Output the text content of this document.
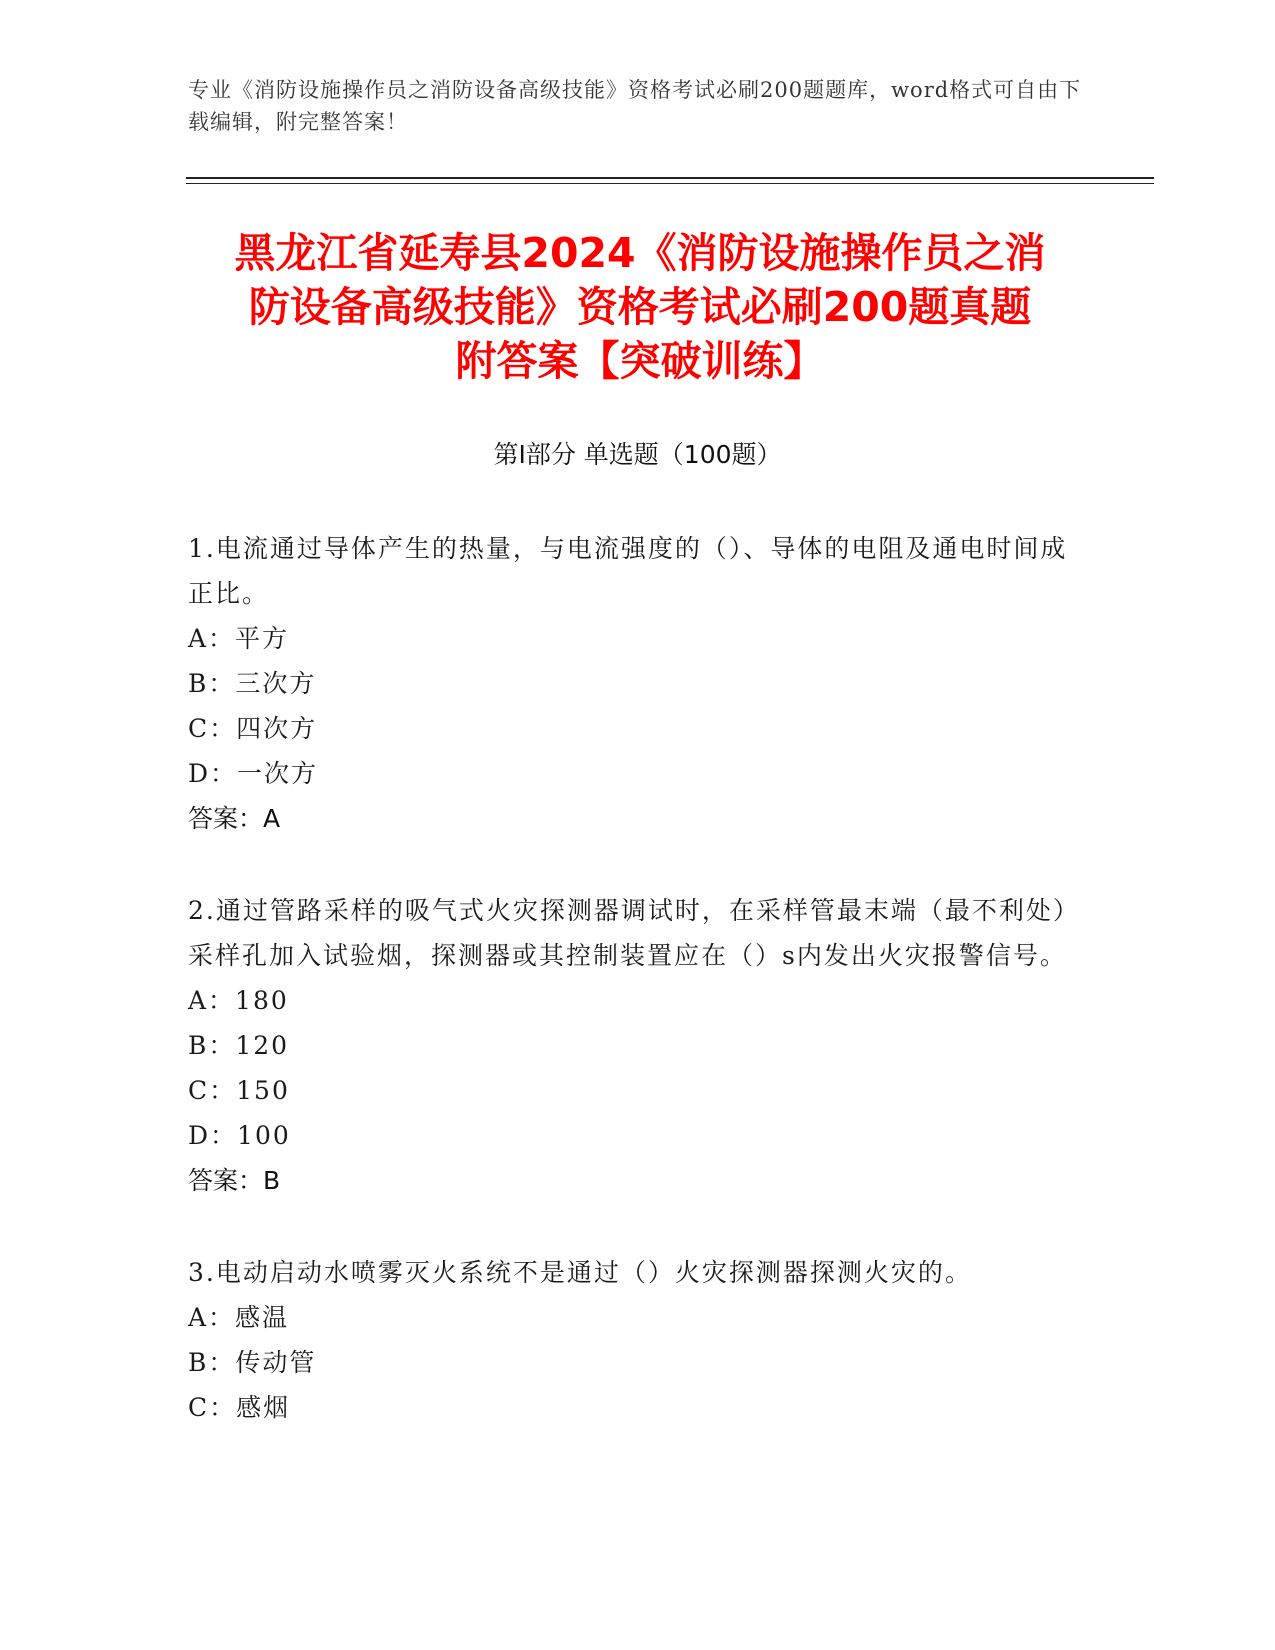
专业《消防设施操作员之消防设备高级技能》资格考试必刷200题题库，word格式可自由下载编辑，附完整答案！
黑龙江省延寿县2024《消防设施操作员之消
防设备高级技能》资格考试必刷200题真题
附答案【突破训练】
第Ⅰ部分 单选题（100题）
1.电流通过导体产生的热量，与电流强度的（）、导体的电阻及通电时间成正比。
A：平方
B：三次方
C：四次方
D：一次方
答案：A
2.通过管路采样的吸气式火灾探测器调试时，在采样管最末端（最不利处）采样孔加入试验烟，探测器或其控制装置应在（）s内发出火灾报警信号。
A：180
B：120
C：150
D：100
答案：B
3.电动启动水喷雾灭火系统不是通过（）火灾探测器探测火灾的。
A：感温
B：传动管
C：感烟
